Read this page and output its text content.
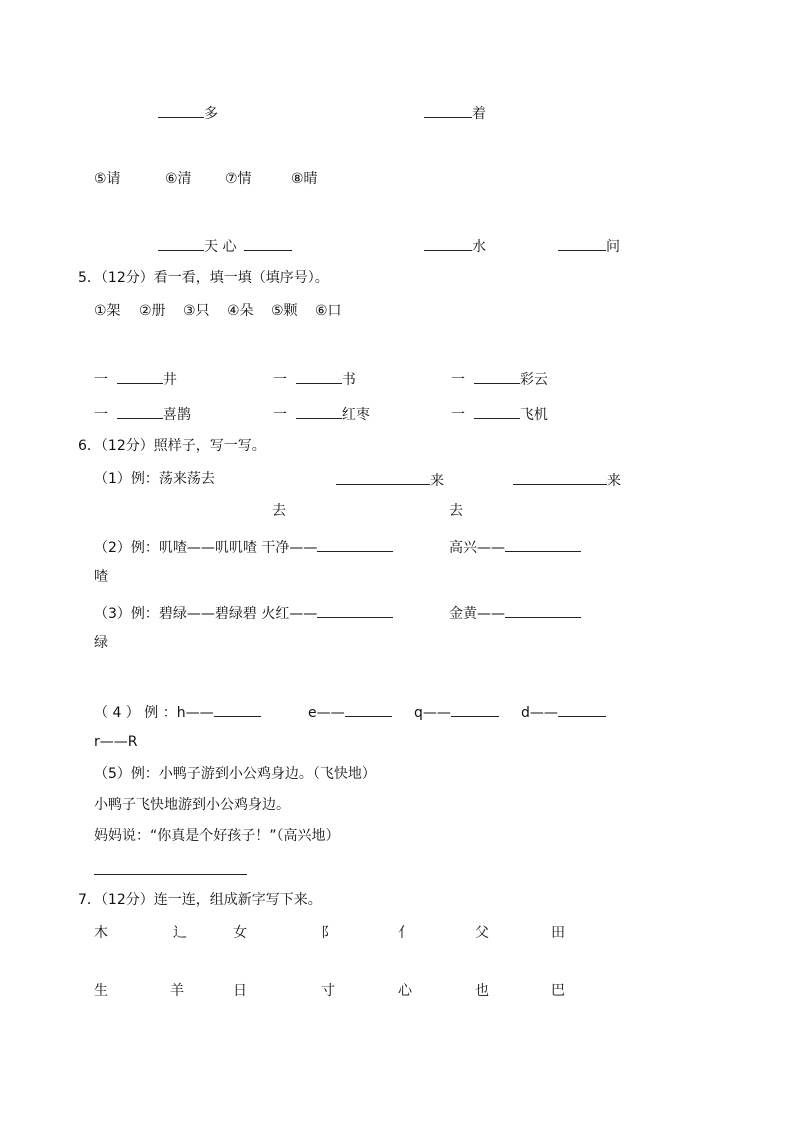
多	着
⑤请	⑥清 ⑦情	⑧晴
天 心	水	问
5．（12分）看一看，填一填（填序号）。
①架 ②册 ③只 ④朵 ⑤颗 ⑥口
一	井	一	书	一	彩云
一	喜鹊	一	红枣	一	飞机
6．（12分）照样子，写一写。
（1）例：荡来荡去	来	来
去	去
（2）例：叽喳——叽叽喳 干净——	高兴——
喳
（3）例：碧绿——碧绿碧 火红——	金黄——
绿
（ 4 ） 例 ：h——	e——	q——	d——
r——R
（5）例：小鸭子游到小公鸡身边。（飞快地）
小鸭子飞快地游到小公鸡身边。
妈妈说：“你真是个好孩子！”（高兴地）
7．（12分）连一连，组成新字写下来。
木	辶	女	阝	亻	父	田
生	羊	日	寸	心	也	巴
